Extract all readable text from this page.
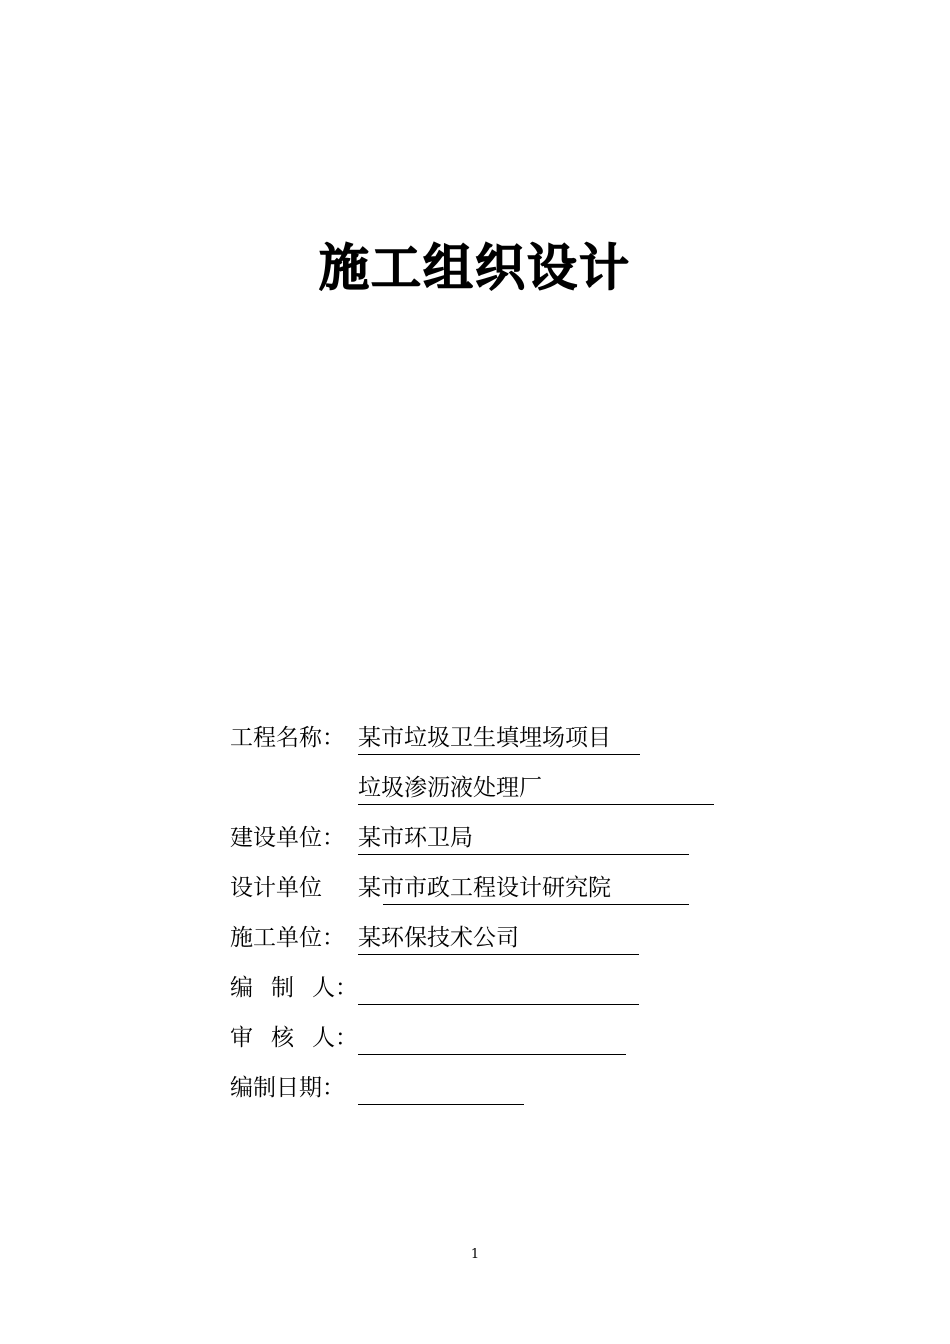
施工组织设计
工程名称： 某市垃圾卫生填埋场项目
垃圾渗沥液处理厂
建设单位： 某市环卫局
设计单位	某市市政工程设计研究院
施工单位： 某环保技术公司
编 制 人：
审 核 人：
编制日期：
1
